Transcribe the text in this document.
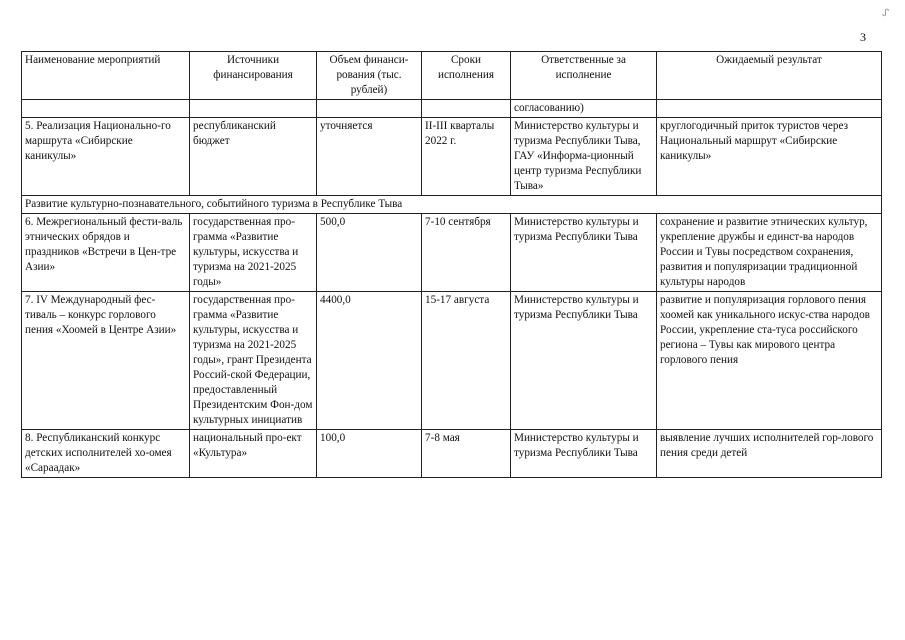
ᔑ
3
Наименование мероприятий	Источники финансирования	Объем финанси-рования (тыс. рублей)	Сроки исполнения	Ответственные за исполнение	Ожидаемый результат
				согласованию)	
5. Реализация Национально-го маршрута «Сибирские каникулы»	республиканский бюджет	уточняется	II-III кварталы 2022 г.	Министерство культуры и туризма Республики Тыва, ГАУ «Информа-ционный центр туризма Республики Тыва»	круглогодичный приток туристов через Национальный маршрут «Сибирские каникулы»
Развитие культурно-познавательного, событийного туризма в Республике Тыва					
6. Межрегиональный фести-валь этнических обрядов и праздников «Встречи в Цен-тре Азии»	государственная про-грамма «Развитие культуры, искусства и туризма на 2021-2025 годы»	500,0	7-10 сентября	Министерство культуры и туризма Республики Тыва	сохранение и развитие этнических культур, укрепление дружбы и единст-ва народов России и Тувы посредством сохранения, развития и популяризации традиционной культуры народов
7. IV Международный фес-тиваль – конкурс горлового пения «Хоомей в Центре Азии»	государственная про-грамма «Развитие культуры, искусства и туризма на 2021-2025 годы», грант Президента Россий-ской Федерации, предоставленный Президентским Фон-дом культурных инициатив	4400,0	15-17 августа	Министерство культуры и туризма Республики Тыва	развитие и популяризация горлового пения хоомей как уникального искус-ства народов России, укрепление ста-туса российского региона – Тувы как мирового центра горлового пения
8. Республиканский конкурс детских исполнителей хо-омея «Сараадак»	национальный про-ект «Культура»	100,0	7-8 мая	Министерство культуры и туризма Республики Тыва	выявление лучших исполнителей гор-лового пения среди детей
